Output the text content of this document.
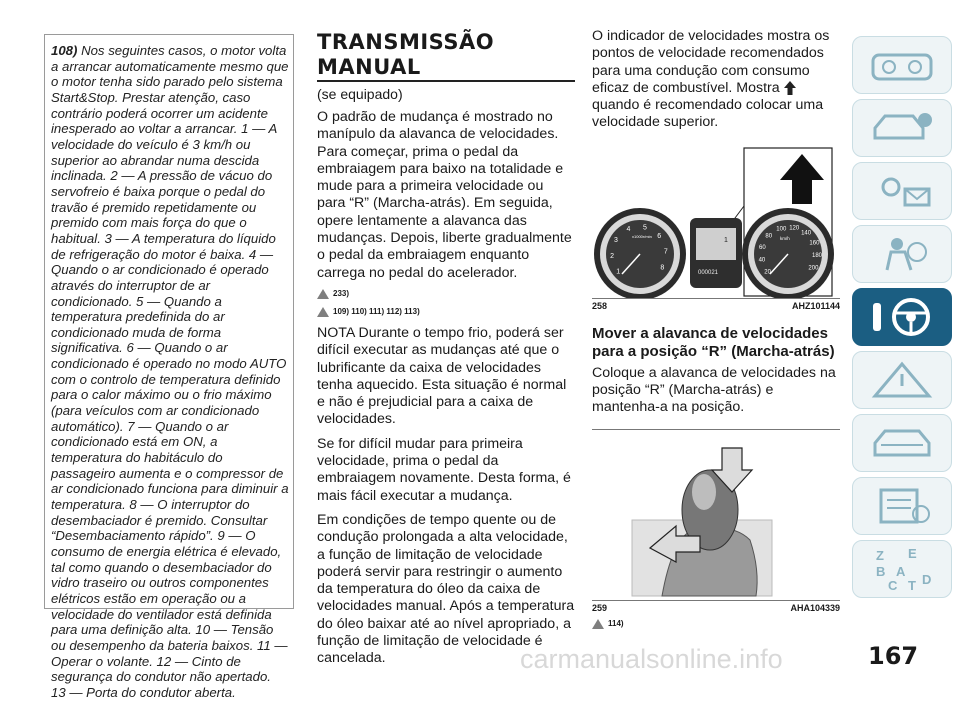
108) Nos seguintes casos, o motor volta a arrancar automaticamente mesmo que o motor tenha sido parado pelo sistema Start&Stop. Prestar atenção, caso contrário poderá ocorrer um acidente inesperado ao voltar a arrancar. 1 — A velocidade do veículo é 3 km/h ou superior ao abrandar numa descida inclinada. 2 — A pressão de vácuo do servofreio é baixa porque o pedal do travão é premido repetidamente ou premido com mais força do que o habitual. 3 — A temperatura do líquido de refrigeração do motor é baixa. 4 — Quando o ar condicionado é operado através do interruptor de ar condicionado. 5 — Quando a temperatura predefinida do ar condicionado muda de forma significativa. 6 — Quando o ar condicionado é operado no modo AUTO com o controlo de temperatura definido para o calor máximo ou o frio máximo (para veículos com ar condicionado automático). 7 — Quando o ar condicionado está em ON, a temperatura do habitáculo do passageiro aumenta e o compressor de ar condicionado funciona para diminuir a temperatura. 8 — O interruptor do desembaciador é premido. Consultar “Desembaciamento rápido”. 9 — O consumo de energia elétrica é elevado, tal como quando o desembaciador do vidro traseiro ou outros componentes elétricos estão em operação ou a velocidade do ventilador está definida para uma definição alta. 10 — Tensão ou desempenho da bateria baixos. 11 — Operar o volante. 12 — Cinto de segurança do condutor não apertado. 13 — Porta do condutor aberta.
TRANSMISSÃO
MANUAL
(se equipado)
O padrão de mudança é mostrado no manípulo da alavanca de velocidades. Para começar, prima o pedal da embraiagem para baixo na totalidade e mude para a primeira velocidade ou para “R” (Marcha-atrás). Em seguida, opere lentamente a alavanca das mudanças. Depois, liberte gradualmente o pedal da embraiagem enquanto carrega no pedal do acelerador.
233)
109) 110) 111) 112) 113)
NOTA Durante o tempo frio, poderá ser difícil executar as mudanças até que o lubrificante da caixa de velocidades tenha aquecido. Esta situação é normal e não é prejudicial para a caixa de velocidades.
Se for difícil mudar para primeira velocidade, prima o pedal da embraiagem novamente. Desta forma, é mais fácil executar a mudança.
Em condições de tempo quente ou de condução prolongada a alta velocidade, a função de limitação de velocidade poderá servir para restringir o aumento da temperatura do óleo da caixa de velocidades manual. Após a temperatura do óleo baixar até ao nível apropriado, a função de limitação de velocidade é cancelada.
O indicador de velocidades mostra os pontos de velocidade recomendados para uma condução com consumo eficaz de combustível. Mostra  quando é recomendado colocar uma velocidade superior.
1
2
3
4 5
6
7
8
x1000r/min
1
000021	20
40
60
80
100 120
140
160
180
200
km/h
258	AHZ101144
Mover a alavanca de velocidades para a posição “R” (Marcha-atrás)
Coloque a alavanca de velocidades na posição “R” (Marcha-atrás) e mantenha-a na posição.
259	AHA104339
114)
Z E
B A
C T D
carmanualsonline.info	167
